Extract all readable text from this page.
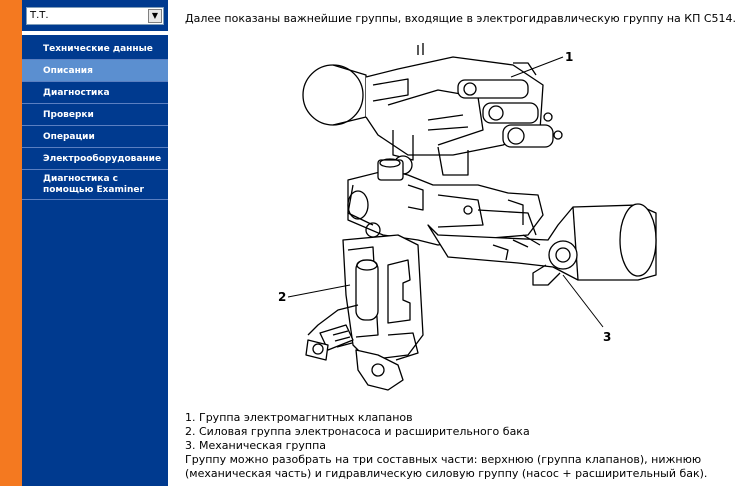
Т.Т.	▼
Технические данные
Описания
Диагностика
Проверки
Операции
Электрооборудование
Диагностика с
помощью Examiner
Далее показаны важнейшие группы, входящие в электрогидравлическую группу на КП С514.
1
2
3
1. Группа электромагнитных клапанов
2. Силовая группа электронасоса и расширительного бака
3. Механическая группа
Группу можно разобрать на три составных части: верхнюю (группа клапанов), нижнюю
(механическая часть) и гидравлическую силовую группу (насос + расширительный бак).
